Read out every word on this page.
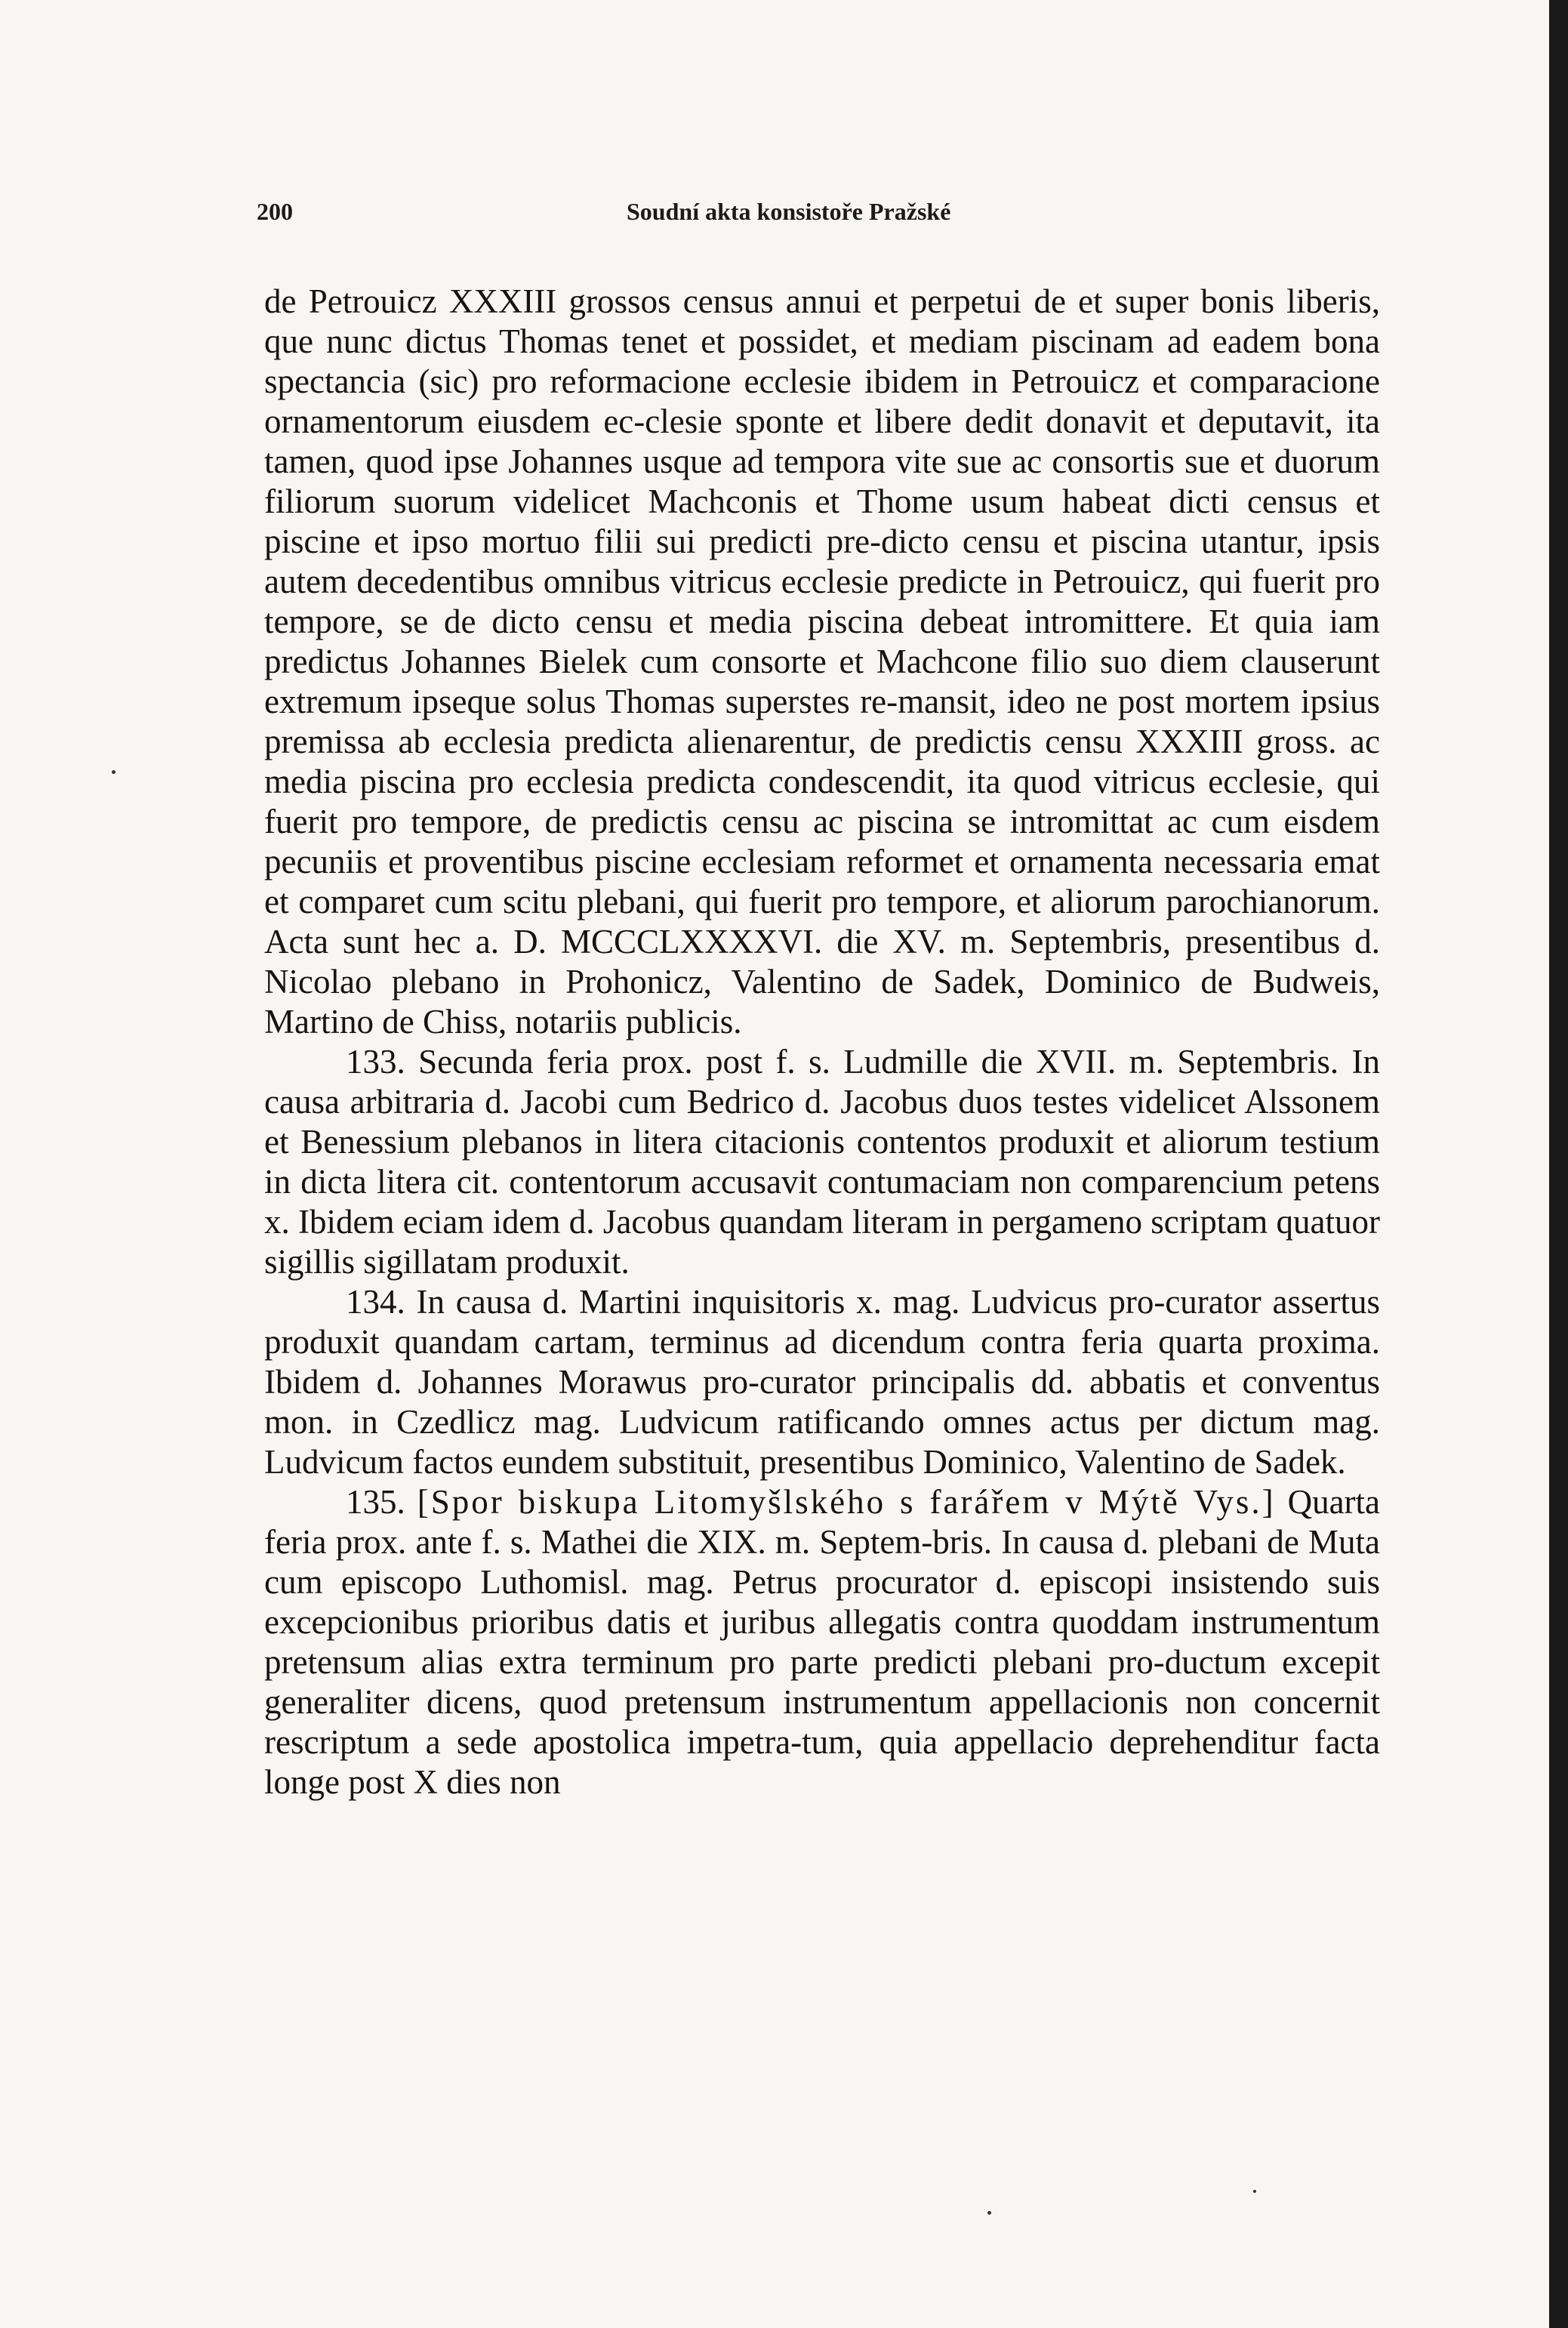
200	Soudní akta konsistoře Pražské

de Petrouicz XXXIII grossos census annui et perpetui de et super bonis liberis, que nunc dictus Thomas tenet et possidet, et mediam piscinam ad eadem bona spectancia (sic) pro reformacione ecclesie ibidem in Petrouicz et comparacione ornamentorum eiusdem ec-clesie sponte et libere dedit donavit et deputavit, ita tamen, quod ipse Johannes usque ad tempora vite sue ac consortis sue et duorum filiorum suorum videlicet Machconis et Thome usum habeat dicti census et piscine et ipso mortuo filii sui predicti pre-dicto censu et piscina utantur, ipsis autem decedentibus omnibus vitricus ecclesie predicte in Petrouicz, qui fuerit pro tempore, se de dicto censu et media piscina debeat intromittere. Et quia iam predictus Johannes Bielek cum consorte et Machcone filio suo diem clauserunt extremum ipseque solus Thomas superstes re-mansit, ideo ne post mortem ipsius premissa ab ecclesia predicta alienarentur, de predictis censu XXXIII gross. ac media piscina pro ecclesia predicta condescendit, ita quod vitricus ecclesie, qui fuerit pro tempore, de predictis censu ac piscina se intromittat ac cum eisdem pecuniis et proventibus piscine ecclesiam reformet et ornamenta necessaria emat et comparet cum scitu plebani, qui fuerit pro tempore, et aliorum parochianorum. Acta sunt hec a. D. MCCCLXXXXVI. die XV. m. Septembris, presentibus d. Nicolao plebano in Prohonicz, Valentino de Sadek, Dominico de Budweis, Martino de Chiss, notariis publicis.

133. Secunda feria prox. post f. s. Ludmille die XVII. m. Septembris. In causa arbitraria d. Jacobi cum Bedrico d. Jacobus duos testes videlicet Alssonem et Benessium plebanos in litera citacionis contentos produxit et aliorum testium in dicta litera cit. contentorum accusavit contumaciam non comparencium petens x. Ibidem eciam idem d. Jacobus quandam literam in pergameno scriptam quatuor sigillis sigillatam produxit.

134. In causa d. Martini inquisitoris x. mag. Ludvicus pro-curator assertus produxit quandam cartam, terminus ad dicendum contra feria quarta proxima. Ibidem d. Johannes Morawus pro-curator principalis dd. abbatis et conventus mon. in Czedlicz mag. Ludvicum ratificando omnes actus per dictum mag. Ludvicum factos eundem substituit, presentibus Dominico, Valentino de Sadek.

135. [Spor biskupa Litomyšlského s farářem v Mýtě Vys.] Quarta feria prox. ante f. s. Mathei die XIX. m. Septem-bris. In causa d. plebani de Muta cum episcopo Luthomisl. mag. Petrus procurator d. episcopi insistendo suis excepcionibus prioribus datis et juribus allegatis contra quoddam instrumentum pretensum alias extra terminum pro parte predicti plebani pro-ductum excepit generaliter dicens, quod pretensum instrumentum appellacionis non concernit rescriptum a sede apostolica impetra-tum, quia appellacio deprehenditur facta longe post X dies non
